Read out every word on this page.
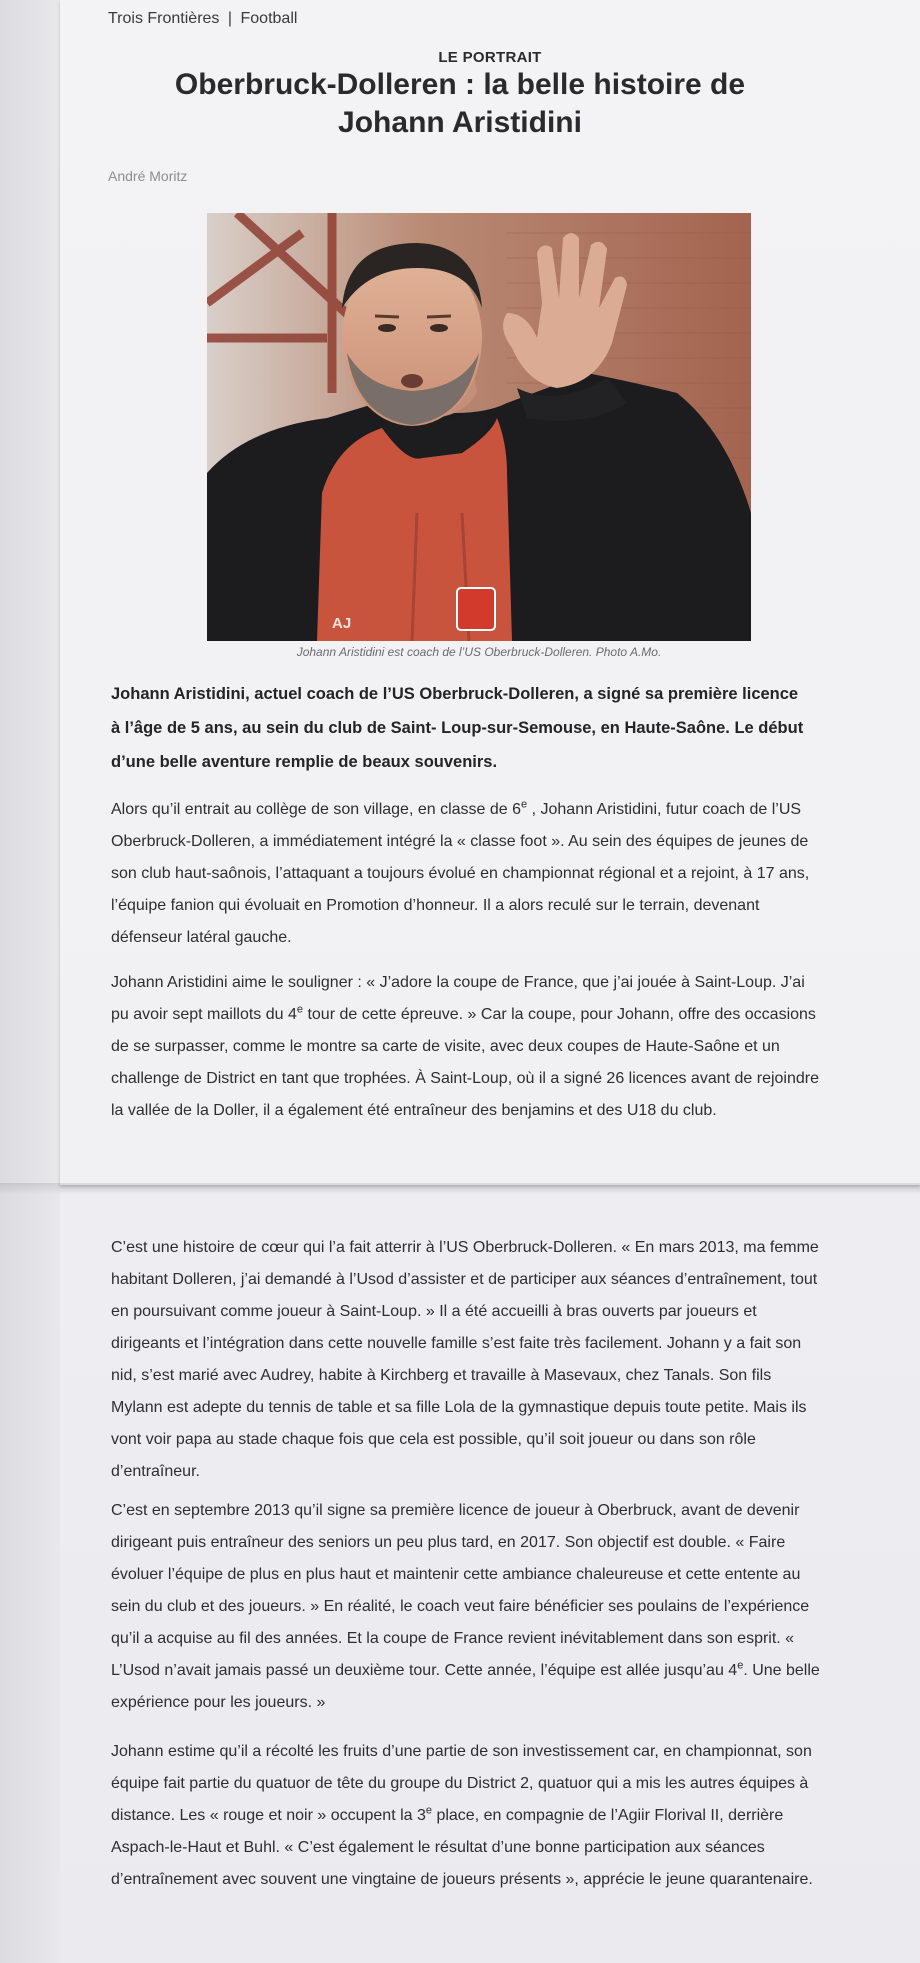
Trois Frontières | Football
LE PORTRAIT
Oberbruck-Dolleren : la belle histoire de Johann Aristidini
André Moritz
AJ
Johann Aristidini est coach de l’US Oberbruck-Dolleren. Photo A.Mo.

Johann Aristidini, actuel coach de l’US Oberbruck-Dolleren, a signé sa première licence à l’âge de 5 ans, au sein du club de Saint- Loup-sur-Semouse, en Haute-Saône. Le début d’une belle aventure remplie de beaux souvenirs.

Alors qu’il entrait au collège de son village, en classe de 6e , Johann Aristidini, futur coach de l’US Oberbruck-Dolleren, a immédiatement intégré la « classe foot ». Au sein des équipes de jeunes de son club haut-saônois, l’attaquant a toujours évolué en championnat régional et a rejoint, à 17 ans, l’équipe fanion qui évoluait en Promotion d’honneur. Il a alors reculé sur le terrain, devenant défenseur latéral gauche.

Johann Aristidini aime le souligner : « J’adore la coupe de France, que j’ai jouée à Saint-Loup. J’ai pu avoir sept maillots du 4e tour de cette épreuve. » Car la coupe, pour Johann, offre des occasions de se surpasser, comme le montre sa carte de visite, avec deux coupes de Haute-Saône et un challenge de District en tant que trophées. À Saint-Loup, où il a signé 26 licences avant de rejoindre la vallée de la Doller, il a également été entraîneur des benjamins et des U18 du club.

C’est une histoire de cœur qui l’a fait atterrir à l’US Oberbruck-Dolleren. « En mars 2013, ma femme habitant Dolleren, j’ai demandé à l’Usod d’assister et de participer aux séances d’entraînement, tout en poursuivant comme joueur à Saint-Loup. » Il a été accueilli à bras ouverts par joueurs et dirigeants et l’intégration dans cette nouvelle famille s’est faite très facilement. Johann y a fait son nid, s’est marié avec Audrey, habite à Kirchberg et travaille à Masevaux, chez Tanals. Son fils Mylann est adepte du tennis de table et sa fille Lola de la gymnastique depuis toute petite. Mais ils vont voir papa au stade chaque fois que cela est possible, qu’il soit joueur ou dans son rôle d’entraîneur.

C’est en septembre 2013 qu’il signe sa première licence de joueur à Oberbruck, avant de devenir dirigeant puis entraîneur des seniors un peu plus tard, en 2017. Son objectif est double. « Faire évoluer l’équipe de plus en plus haut et maintenir cette ambiance chaleureuse et cette entente au sein du club et des joueurs. » En réalité, le coach veut faire bénéficier ses poulains de l’expérience qu’il a acquise au fil des années. Et la coupe de France revient inévitablement dans son esprit. « L’Usod n’avait jamais passé un deuxième tour. Cette année, l’équipe est allée jusqu’au 4e. Une belle expérience pour les joueurs. »

Johann estime qu’il a récolté les fruits d’une partie de son investissement car, en championnat, son équipe fait partie du quatuor de tête du groupe du District 2, quatuor qui a mis les autres équipes à distance. Les « rouge et noir » occupent la 3e place, en compagnie de l’Agiir Florival II, derrière Aspach-le-Haut et Buhl. « C’est également le résultat d’une bonne participation aux séances d’entraînement avec souvent une vingtaine de joueurs présents », apprécie le jeune quarantenaire.
